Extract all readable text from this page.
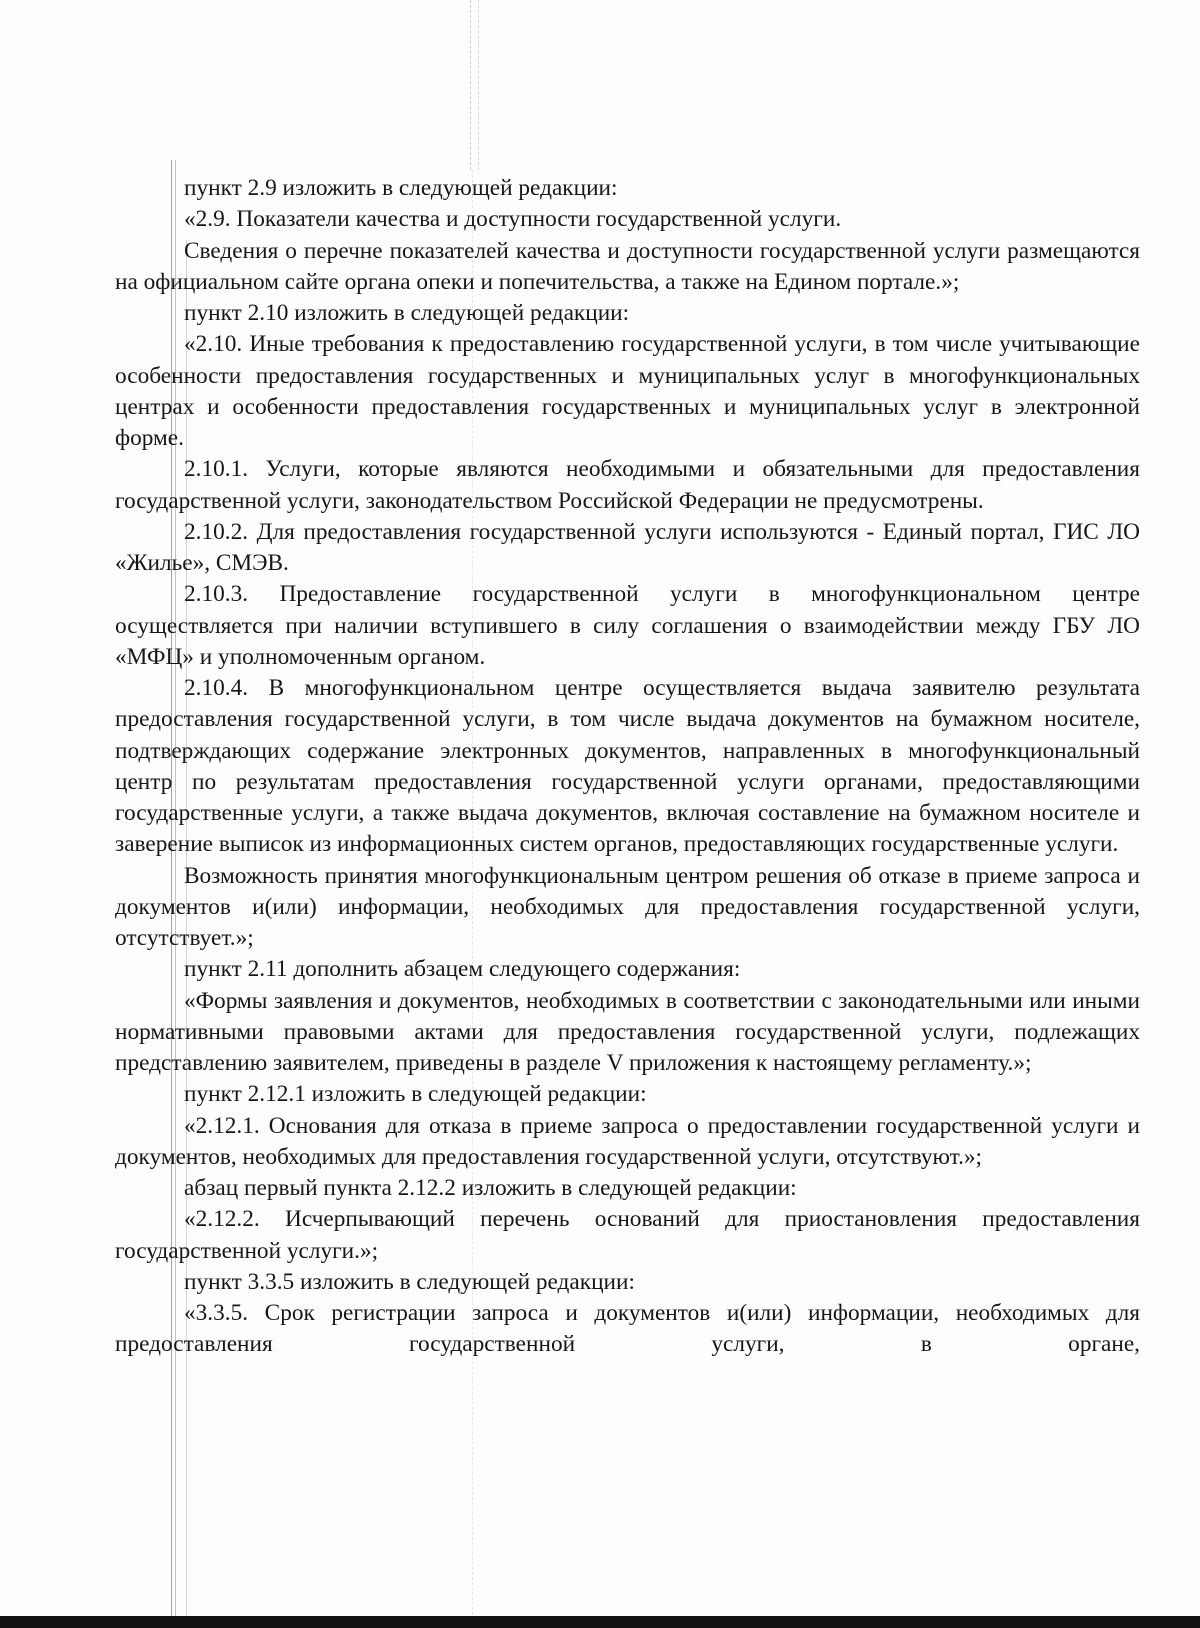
пункт 2.9 изложить в следующей редакции:

«2.9. Показатели качества и доступности государственной услуги.

Сведения о перечне показателей качества и доступности государственной услуги размещаются на официальном сайте органа опеки и попечительства, а также на Едином портале.»;

пункт 2.10 изложить в следующей редакции:

«2.10. Иные требования к предоставлению государственной услуги, в том числе учитывающие особенности предоставления государственных и муниципальных услуг в многофункциональных центрах и особенности предоставления государственных и муниципальных услуг в электронной форме.

2.10.1. Услуги, которые являются необходимыми и обязательными для предоставления государственной услуги, законодательством Российской Федерации не предусмотрены.

2.10.2. Для предоставления государственной услуги используются - Единый портал, ГИС ЛО «Жилье», СМЭВ.

2.10.3. Предоставление государственной услуги в многофункциональном центре осуществляется при наличии вступившего в силу соглашения о взаимодействии между ГБУ ЛО «МФЦ» и уполномоченным органом.

2.10.4. В многофункциональном центре осуществляется выдача заявителю результата предоставления государственной услуги, в том числе выдача документов на бумажном носителе, подтверждающих содержание электронных документов, направленных в многофункциональный центр по результатам предоставления государственной услуги органами, предоставляющими государственные услуги, а также выдача документов, включая составление на бумажном носителе и заверение выписок из информационных систем органов, предоставляющих государственные услуги.

Возможность принятия многофункциональным центром решения об отказе в приеме запроса и документов и(или) информации, необходимых для предоставления государственной услуги, отсутствует.»;

пункт 2.11 дополнить абзацем следующего содержания:

«Формы заявления и документов, необходимых в соответствии с законодательными или иными нормативными правовыми актами для предоставления государственной услуги, подлежащих представлению заявителем, приведены в разделе V приложения к настоящему регламенту.»;

пункт 2.12.1 изложить в следующей редакции:

«2.12.1. Основания для отказа в приеме запроса о предоставлении государственной услуги и документов, необходимых для предоставления государственной услуги, отсутствуют.»;

абзац первый пункта 2.12.2 изложить в следующей редакции:

«2.12.2. Исчерпывающий перечень оснований для приостановления предоставления государственной услуги.»;

пункт 3.3.5 изложить в следующей редакции:

«3.3.5. Срок регистрации запроса и документов и(или) информации, необходимых для предоставления государственной услуги, в органе,
